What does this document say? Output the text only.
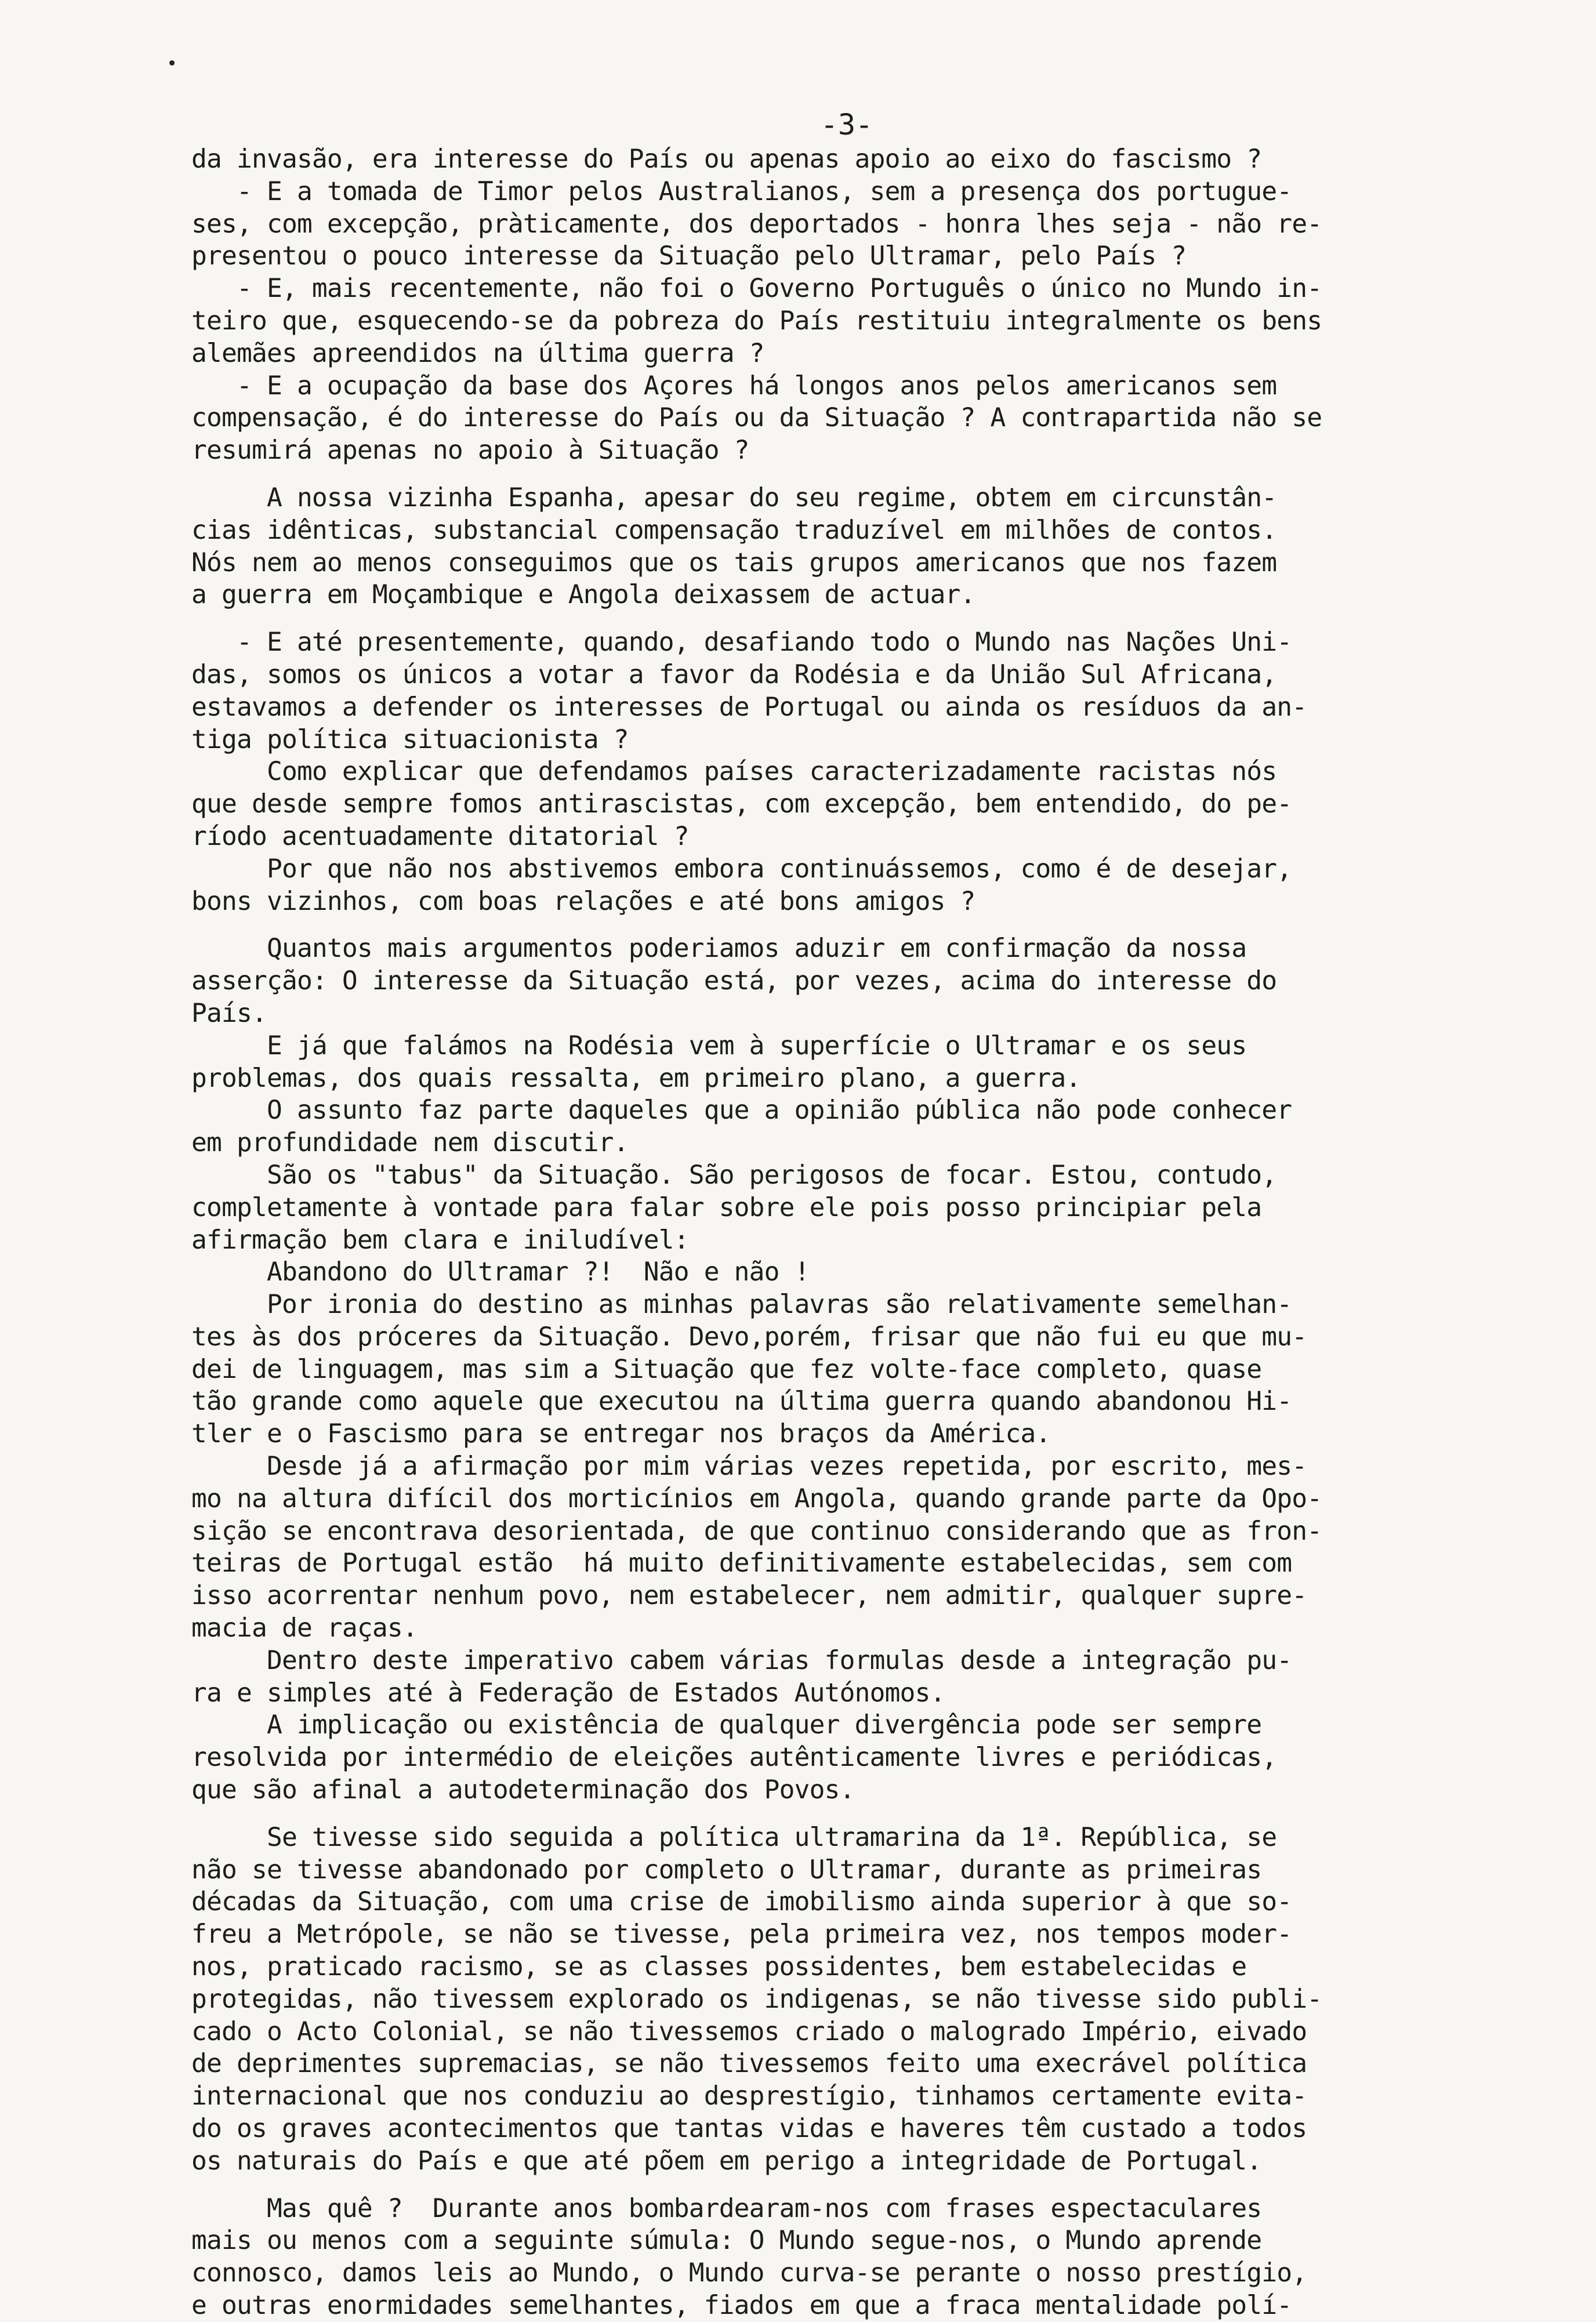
-3-
da invasão, era interesse do País ou apenas apoio ao eixo do fascismo ?
- E a tomada de Timor pelos Australianos, sem a presença dos portugue-
ses, com excepção, pràticamente, dos deportados - honra lhes seja - não re-
presentou o pouco interesse da Situação pelo Ultramar, pelo País ?
- E, mais recentemente, não foi o Governo Português o único no Mundo in-
teiro que, esquecendo-se da pobreza do País restituiu integralmente os bens
alemães apreendidos na última guerra ?
- E a ocupação da base dos Açores há longos anos pelos americanos sem
compensação, é do interesse do País ou da Situação ? A contrapartida não se
resumirá apenas no apoio à Situação ?
A nossa vizinha Espanha, apesar do seu regime, obtem em circunstân-
cias idênticas, substancial compensação traduzível em milhões de contos.
Nós nem ao menos conseguimos que os tais grupos americanos que nos fazem
a guerra em Moçambique e Angola deixassem de actuar.
- E até presentemente, quando, desafiando todo o Mundo nas Nações Uni-
das, somos os únicos a votar a favor da Rodésia e da União Sul Africana,
estavamos a defender os interesses de Portugal ou ainda os resíduos da an-
tiga política situacionista ?
Como explicar que defendamos países caracterizadamente racistas nós
que desde sempre fomos antirascistas, com excepção, bem entendido, do pe-
ríodo acentuadamente ditatorial ?
Por que não nos abstivemos embora continuássemos, como é de desejar,
bons vizinhos, com boas relações e até bons amigos ?
Quantos mais argumentos poderiamos aduzir em confirmação da nossa
asserção: O interesse da Situação está, por vezes, acima do interesse do
País.
E já que falámos na Rodésia vem à superfície o Ultramar e os seus
problemas, dos quais ressalta, em primeiro plano, a guerra.
O assunto faz parte daqueles que a opinião pública não pode conhecer
em profundidade nem discutir.
São os "tabus" da Situação. São perigosos de focar. Estou, contudo,
completamente à vontade para falar sobre ele pois posso principiar pela
afirmação bem clara e iniludível:
Abandono do Ultramar ?!  Não e não !
Por ironia do destino as minhas palavras são relativamente semelhan-
tes às dos próceres da Situação. Devo,porém, frisar que não fui eu que mu-
dei de linguagem, mas sim a Situação que fez volte-face completo, quase
tão grande como aquele que executou na última guerra quando abandonou Hi-
tler e o Fascismo para se entregar nos braços da América.
Desde já a afirmação por mim várias vezes repetida, por escrito, mes-
mo na altura difícil dos morticínios em Angola, quando grande parte da Opo-
sição se encontrava desorientada, de que continuo considerando que as fron-
teiras de Portugal estão  há muito definitivamente estabelecidas, sem com
isso acorrentar nenhum povo, nem estabelecer, nem admitir, qualquer supre-
macia de raças.
Dentro deste imperativo cabem várias formulas desde a integração pu-
ra e simples até à Federação de Estados Autónomos.
A implicação ou existência de qualquer divergência pode ser sempre
resolvida por intermédio de eleições autênticamente livres e periódicas,
que são afinal a autodeterminação dos Povos.
Se tivesse sido seguida a política ultramarina da 1ª. República, se
não se tivesse abandonado por completo o Ultramar, durante as primeiras
décadas da Situação, com uma crise de imobilismo ainda superior à que so-
freu a Metrópole, se não se tivesse, pela primeira vez, nos tempos moder-
nos, praticado racismo, se as classes possidentes, bem estabelecidas e
protegidas, não tivessem explorado os indigenas, se não tivesse sido publi-
cado o Acto Colonial, se não tivessemos criado o malogrado Império, eivado
de deprimentes supremacias, se não tivessemos feito uma execrável política
internacional que nos conduziu ao desprestígio, tinhamos certamente evita-
do os graves acontecimentos que tantas vidas e haveres têm custado a todos
os naturais do País e que até põem em perigo a integridade de Portugal.
Mas quê ?  Durante anos bombardearam-nos com frases espectaculares
mais ou menos com a seguinte súmula: O Mundo segue-nos, o Mundo aprende
connosco, damos leis ao Mundo, o Mundo curva-se perante o nosso prestígio,
e outras enormidades semelhantes, fiados em que a fraca mentalidade polí-
